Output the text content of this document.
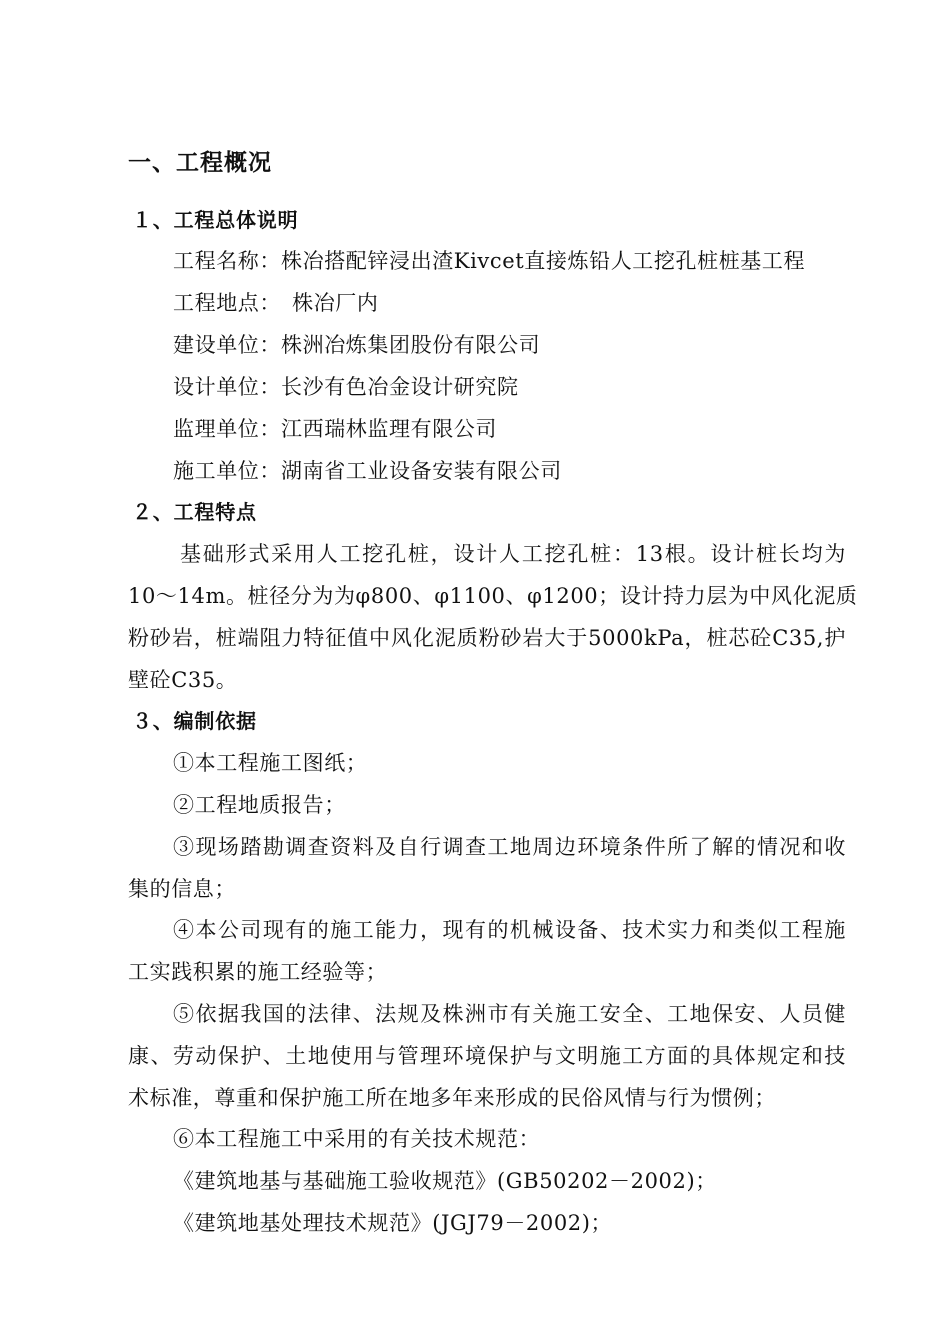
一、工程概况
１、工程总体说明
工程名称：株冶搭配锌浸出渣Kivcet直接炼铅人工挖孔桩桩基工程
工程地点：　株冶厂内
建设单位：株洲冶炼集团股份有限公司
设计单位：长沙有色冶金设计研究院
监理单位：江西瑞林监理有限公司
施工单位：湖南省工业设备安装有限公司
２、工程特点
基础形式采用人工挖孔桩，设计人工挖孔桩：13根。设计桩长均为
10～14m。桩径分为为φ800、φ1100、φ1200；设计持力层为中风化泥质
粉砂岩，桩端阻力特征值中风化泥质粉砂岩大于5000kPa，桩芯砼C35,护
壁砼C35。
３、编制依据
①本工程施工图纸；
②工程地质报告；
③现场踏勘调查资料及自行调查工地周边环境条件所了解的情况和收
集的信息；
④本公司现有的施工能力，现有的机械设备、技术实力和类似工程施
工实践积累的施工经验等；
⑤依据我国的法律、法规及株洲市有关施工安全、工地保安、人员健
康、劳动保护、土地使用与管理环境保护与文明施工方面的具体规定和技
术标准，尊重和保护施工所在地多年来形成的民俗风情与行为惯例；
⑥本工程施工中采用的有关技术规范：
《建筑地基与基础施工验收规范》(GB50202－2002)；
《建筑地基处理技术规范》(JGJ79－2002)；
